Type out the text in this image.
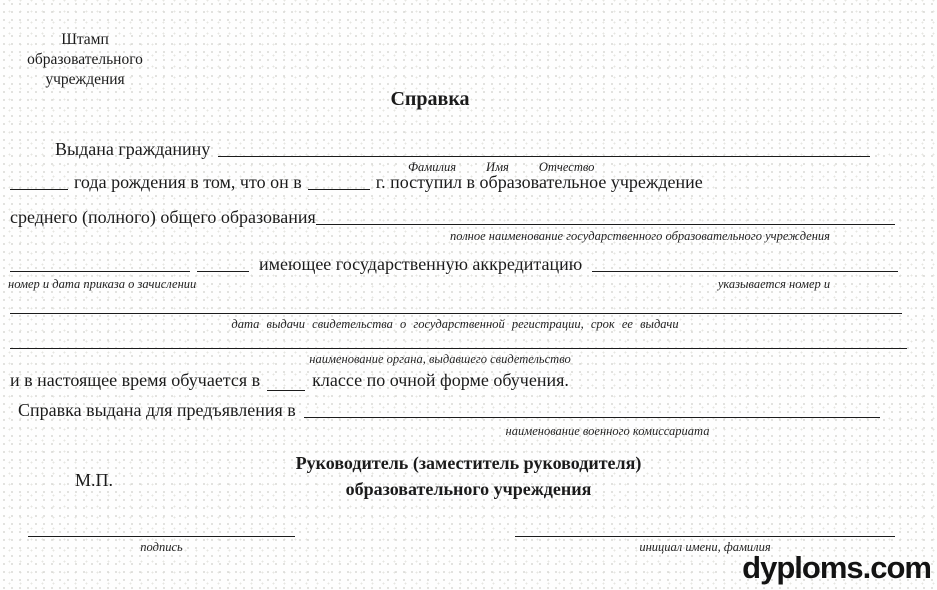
Штамп
образовательного
учреждения
Справка
Выдана гражданину
Фамилия Имя Отчество
года рождения в том, что он в	г. поступил в образовательное учреждение
среднего (полного) общего образования
полное наименование государственного образовательного учреждения
имеющее государственную аккредитацию
номер и дата приказа о зачислении	указывается номер и
дата выдачи свидетельства о государственной регистрации, срок ее выдачи
наименование органа, выдавшего свидетельство
и в настоящее время обучается в	классе по очной форме обучения.
Справка выдана для предъявления в
наименование военного комиссариата
Руководитель (заместитель руководителя)
образовательного учреждения
М.П.
подпись	инициал имени, фамилия
dyploms.com
